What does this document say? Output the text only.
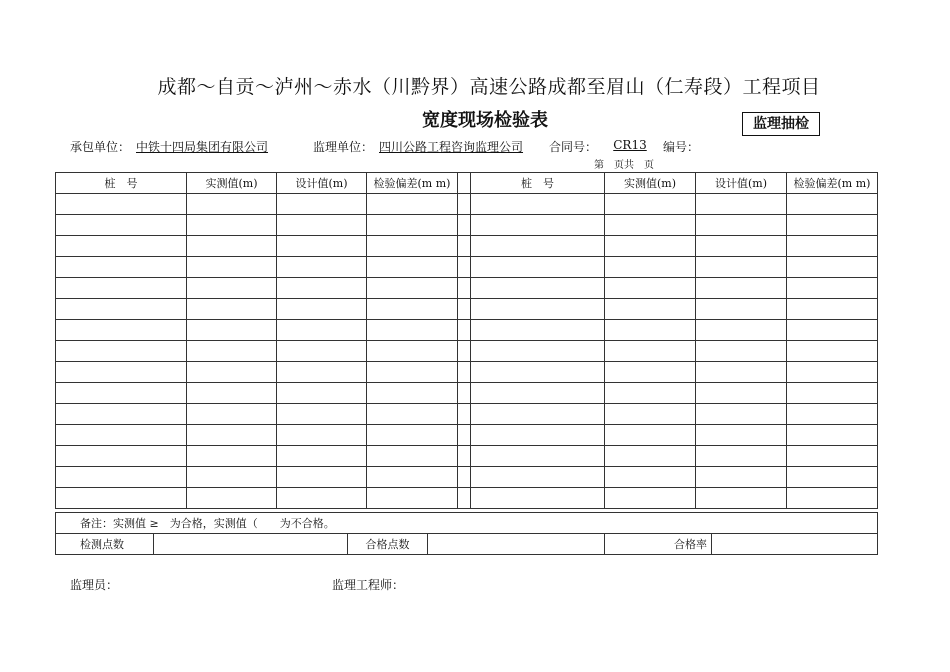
成都～自贡～泸州～赤水（川黔界）高速公路成都至眉山（仁寿段）工程项目
宽度现场检验表	监理抽检
承包单位： 中铁十四局集团有限公司	监理单位： 四川公路工程咨询监理公司 合同号：	CR13	编号：
第　页共　页
桩　号	实测值(m)	设计值(m)	检验偏差(m m)		桩　号	实测值(m)	设计值(m)	检验偏差(m m)

备注：实测值 ≥　为合格，实测值（　　为不合格。
检测点数		合格点数		合格率	
监理员：	监理工程师：
